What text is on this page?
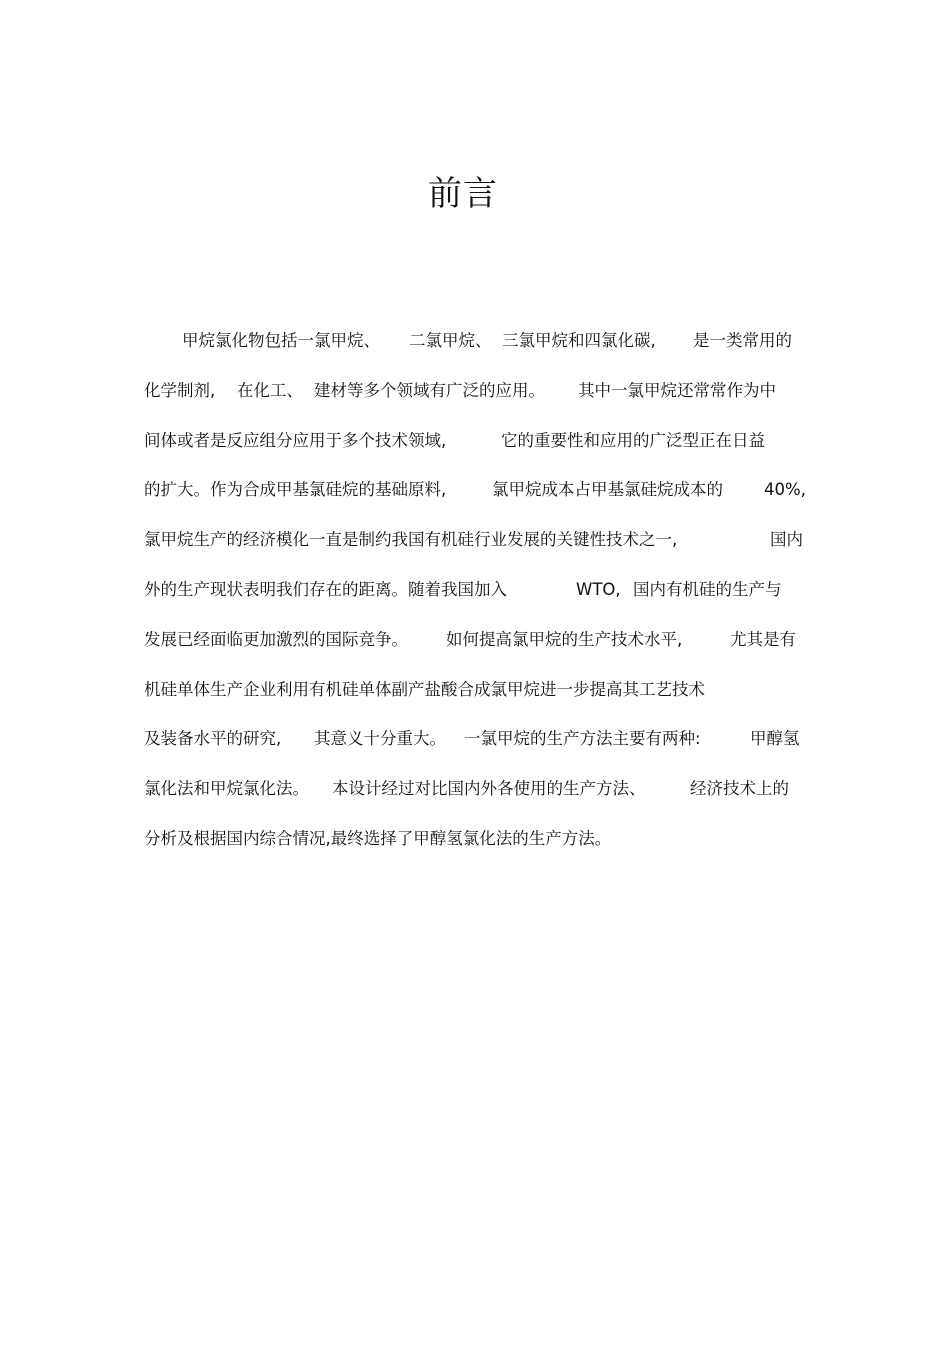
前言
甲烷氯化物包括一氯甲烷、 二氯甲烷、 三氯甲烷和四氯化碳, 是一类常用的
化学制剂, 在化工、 建材等多个领域有广泛的应用。 其中一氯甲烷还常常作为中
间体或者是反应组分应用于多个技术领域,	它的重要性和应用的广泛型正在日益
的扩大。作为合成甲基氯硅烷的基础原料,	氯甲烷成本占甲基氯硅烷成本的 40%,
氯甲烷生产的经济模化一直是制约我国有机硅行业发展的关键性技术之一,	国内
外的生产现状表明我们存在的距离。随着我国加入	WTO, 国内有机硅的生产与
发展已经面临更加激烈的国际竞争。 如何提高氯甲烷的生产技术水平,	尤其是有
机硅单体生产企业利用有机硅单体副产盐酸合成氯甲烷进一步提高其工艺技术
及装备水平的研究, 其意义十分重大。 一氯甲烷的生产方法主要有两种:	甲醇氢
氯化法和甲烷氯化法。 本设计经过对比国内外各使用的生产方法、	经济技术上的
分析及根据国内综合情况,最终选择了甲醇氢氯化法的生产方法。
